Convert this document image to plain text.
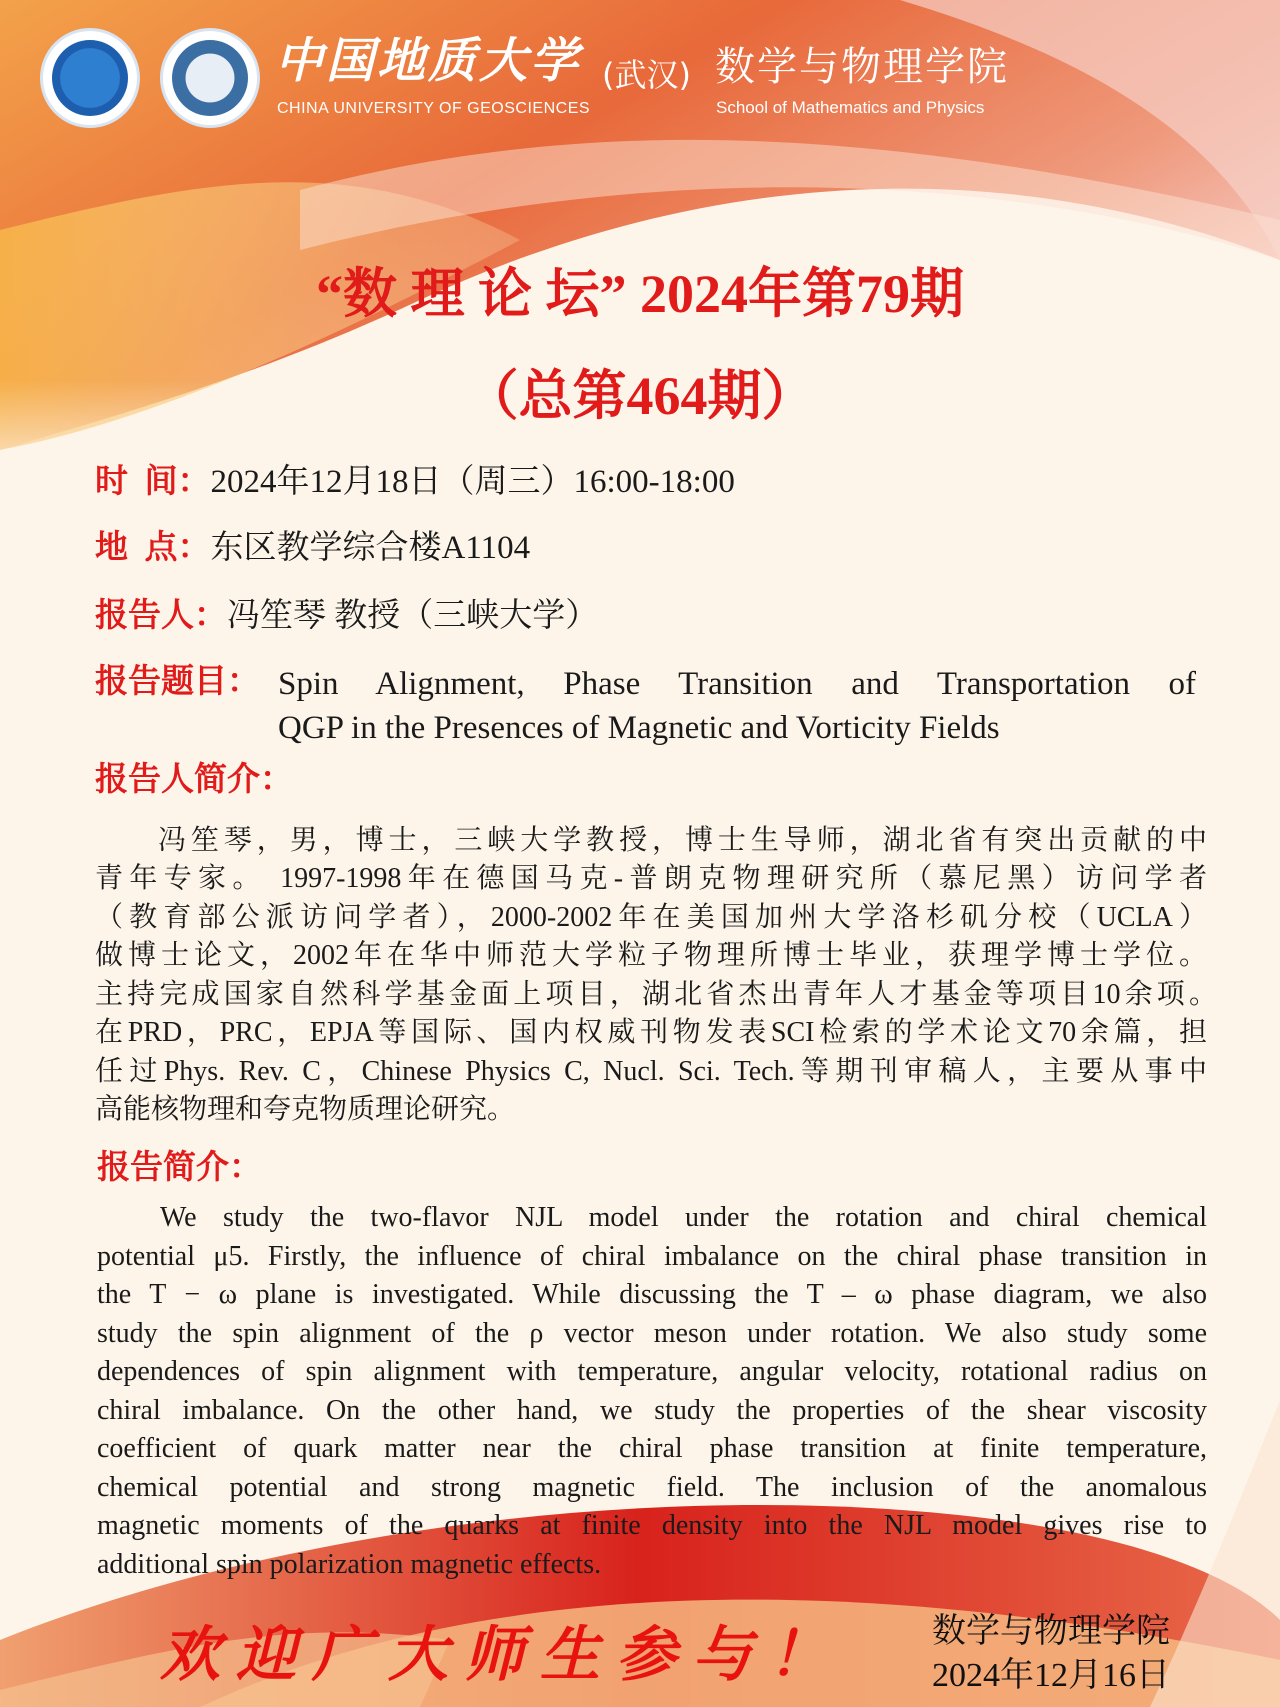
中国地质大学 (武汉)
CHINA UNIVERSITY OF GEOSCIENCES
数学与物理学院
School of Mathematics and Physics
“数 理 论 坛” 2024年第79期
（总第464期）
时  间：2024年12月18日（周三）16:00-18:00
地  点：东区教学综合楼A1104
报告人：冯笙琴 教授（三峡大学）
报告题目： Spin Alignment, Phase Transition and Transportation of
QGP in the Presences of Magnetic and Vorticity Fields
报告人简介：
冯笙琴，男，博士，三峡大学教授，博士生导师，湖北省有突出贡献的中
青年专家。 1997-1998年在德国马克-普朗克物理研究所（慕尼黑）访问学者
（教育部公派访问学者），2000-2002年在美国加州大学洛杉矶分校（UCLA）
做博士论文，2002年在华中师范大学粒子物理所博士毕业，获理学博士学位。
主持完成国家自然科学基金面上项目，湖北省杰出青年人才基金等项目10余项。
在PRD，PRC，EPJA等国际、国内权威刊物发表SCI检索的学术论文70余篇，担
任过Phys. Rev. C，Chinese Physics C, Nucl. Sci. Tech.等期刊审稿人，主要从事中
高能核物理和夸克物质理论研究。
报告简介：
We study the two-flavor NJL model under the rotation and chiral chemical
potential μ5. Firstly, the influence of chiral imbalance on the chiral phase transition in
the T − ω plane is investigated. While discussing the T – ω phase diagram, we also
study the spin alignment of the ρ vector meson under rotation. We also study some
dependences of spin alignment with temperature, angular velocity, rotational radius on
chiral imbalance. On the other hand, we study the properties of the shear viscosity
coefficient of quark matter near the chiral phase transition at finite temperature,
chemical potential and strong magnetic field. The inclusion of the anomalous
magnetic moments of the quarks at finite density into the NJL model gives rise to
additional spin polarization magnetic effects.
欢迎广大师生参与！	数学与物理学院
2024年12月16日
